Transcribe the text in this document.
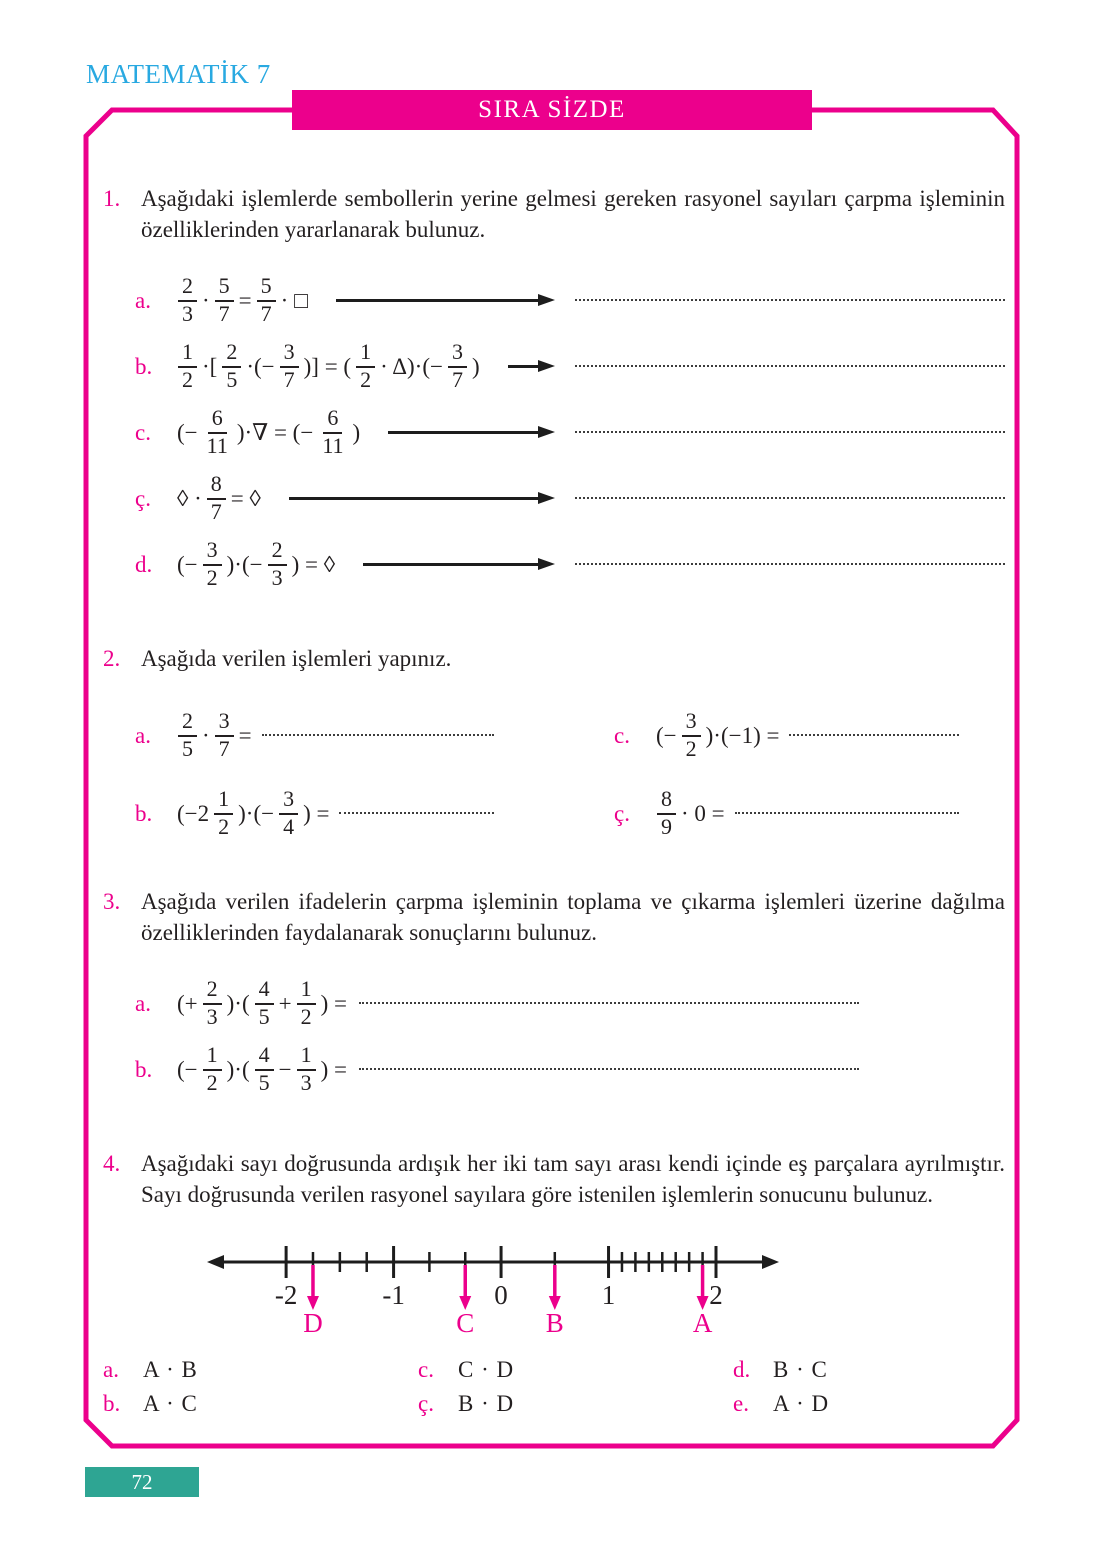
MATEMATİK 7
SIRA SİZDE
1. Aşağıdaki işlemlerde sembollerin yerine gelmesi gereken rasyonel sayıları çarpma işleminin özelliklerinden yararlanarak bulunuz.
a.	$\frac{2}{3} \cdot \frac{5}{7} = \frac{5}{7}$ · □
b.	$\frac{1}{2}$ ·[ $\frac{2}{5}$ ·(− $\frac{3}{7}$ )] = ( $\frac{1}{2} \cdot \Delta)\cdot(- \frac{3}{7}$ )
c.	(− $\frac{6}{11}$ )·∇ = (− $\frac{6}{11}$ )
ç.	◊ · $\frac{8}{7}$ = ◊
d.	(− $\frac{3}{2}$ )·(− $\frac{2}{3}$ ) = ◊
2. Aşağıda verilen işlemleri yapınız.
a.	$\frac{2}{5} \cdot \frac{3}{7}$ =	c.	(− $\frac{3}{2} )\cdot(-1)$ =
b.	($-2 \frac{1}{2}$ )·(− $\frac{3}{4}$ ) =	ç.	$\frac{8}{9} \cdot 0$ =
3. Aşağıda verilen ifadelerin çarpma işleminin toplama ve çıkarma işlemleri üzerine dağılma özelliklerinden faydalanarak sonuçlarını bulunuz.
a.	(+ $\frac{2}{3}$ )·( $\frac{4}{5} + \frac{1}{2}$ ) =
b.	(− $\frac{1}{2}$ )·( $\frac{4}{5} - \frac{1}{3}$ ) =
4. Aşağıdaki sayı doğrusunda ardışık her iki tam sayı arası kendi içinde eş parçalara ayrılmıştır. Sayı doğrusunda verilen rasyonel sayılara göre istenilen işlemlerin sonucunu bulunuz.
-2	-1	0	1	2
D	C	B	A
a.	A · B
b. A · C
c.	C · D
ç.	B · D
d. B · C
e.	A · D
72
